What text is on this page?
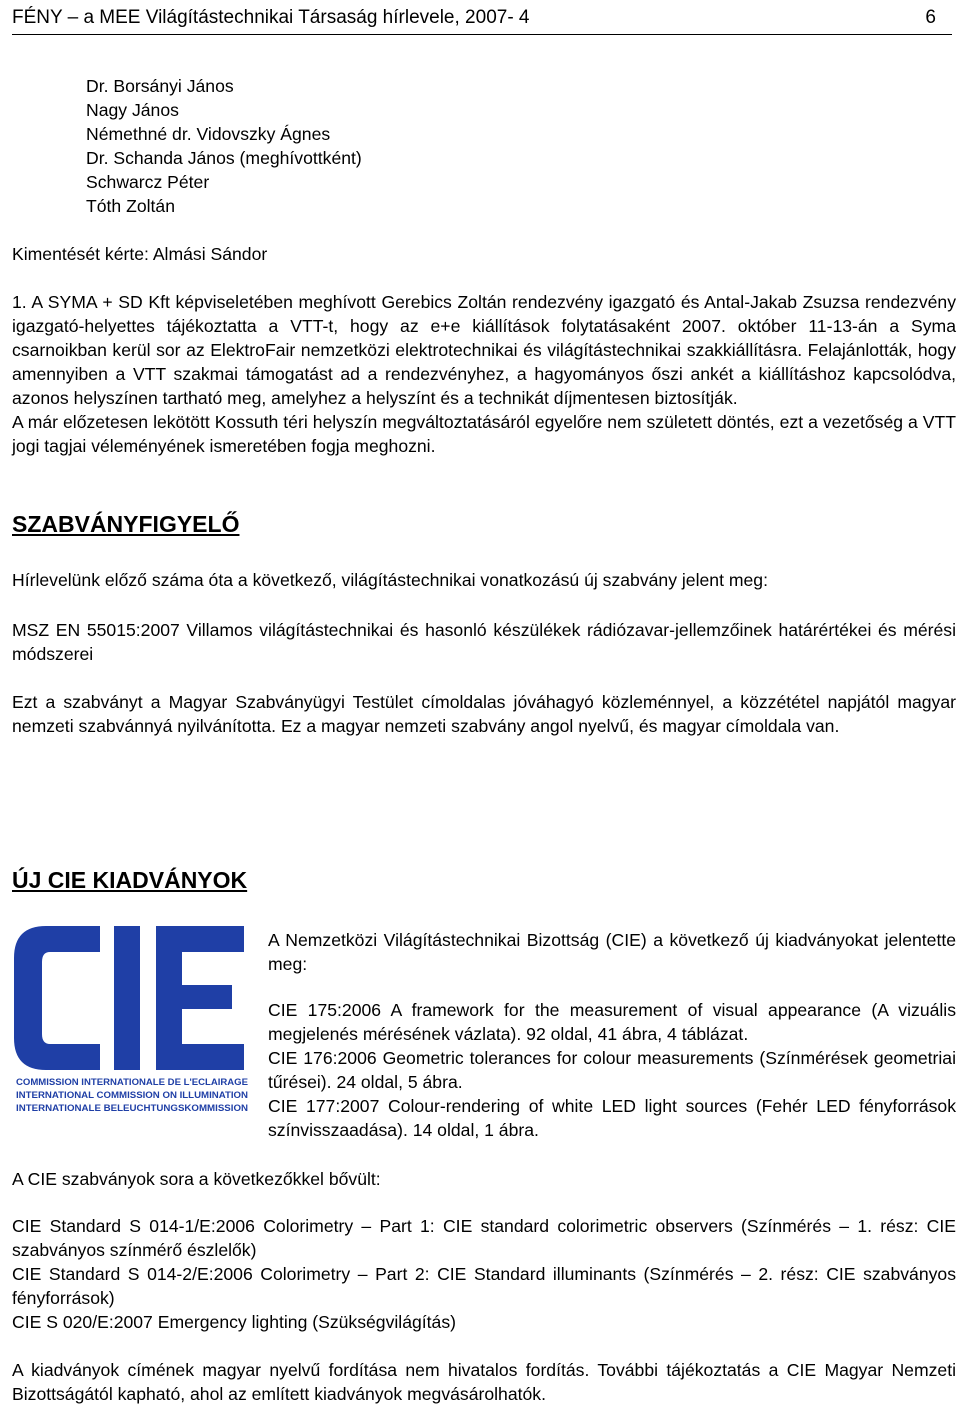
FÉNY – a MEE Világítástechnikai Társaság hírlevele, 2007- 4	6
Dr. Borsányi János
Nagy János
Némethné dr. Vidovszky Ágnes
Dr. Schanda János (meghívottként)
Schwarcz Péter
Tóth Zoltán
Kimentését kérte: Almási Sándor

1. A SYMA + SD Kft képviseletében meghívott Gerebics Zoltán rendezvény igazgató és Antal-Jakab Zsuzsa rendezvény igazgató-helyettes tájékoztatta a VTT-t, hogy az e+e kiállítások folytatásaként 2007. október 11-13-án a Syma csarnoikban kerül sor az ElektroFair nemzetközi elektrotechnikai és világítástechnikai szakkiállításra. Felajánlották, hogy amennyiben a VTT szakmai támogatást ad a rendezvényhez, a hagyományos őszi ankét a kiállításhoz kapcsolódva, azonos helyszínen tartható meg, amelyhez a helyszínt és a technikát díjmentesen biztosítják.

A már előzetesen lekötött Kossuth téri helyszín megváltoztatásáról egyelőre nem született döntés, ezt a vezetőség a VTT jogi tagjai véleményének ismeretében fogja meghozni.

SZABVÁNYFIGYELŐ
Hírlevelünk előző száma óta a következő, világítástechnikai vonatkozású új szabvány jelent meg:
MSZ EN 55015:2007 Villamos világítástechnikai és hasonló készülékek rádiózavar-jellemzőinek határértékei és mérési módszerei
Ezt a szabványt a Magyar Szabványügyi Testület címoldalas jóváhagyó közleménnyel, a közzététel napjától magyar nemzeti szabvánnyá nyilvánította. Ez a magyar nemzeti szabvány angol nyelvű, és magyar címoldala van.
ÚJ CIE KIADVÁNYOK
COMMISSION INTERNATIONALE DE L'ECLAIRAGE
INTERNATIONAL COMMISSION ON ILLUMINATION
INTERNATIONALE BELEUCHTUNGSKOMMISSION
A Nemzetközi Világítástechnikai Bizottság (CIE) a következő új kiadványokat jelentette meg:

CIE 175:2006 A framework for the measurement of visual appearance (A vizuális megjelenés mérésének vázlata). 92 oldal, 41 ábra, 4 táblázat.

CIE 176:2006 Geometric tolerances for colour measurements (Színmérések geometriai tűrései). 24 oldal, 5 ábra.

CIE 177:2007 Colour-rendering of white LED light sources (Fehér LED fényforrások színvisszaadása). 14 oldal, 1 ábra.

A CIE szabványok sora a következőkkel bővült:

CIE Standard S 014-1/E:2006 Colorimetry – Part 1: CIE standard colorimetric observers (Színmérés – 1. rész: CIE szabványos színmérő észlelők)

CIE Standard S 014-2/E:2006 Colorimetry – Part 2: CIE Standard illuminants (Színmérés – 2. rész: CIE szabványos fényforrások)

CIE S 020/E:2007 Emergency lighting (Szükségvilágítás)

A kiadványok címének magyar nyelvű fordítása nem hivatalos fordítás. További tájékoztatás a CIE Magyar Nemzeti Bizottságától kapható, ahol az említett kiadványok megvásárolhatók.
